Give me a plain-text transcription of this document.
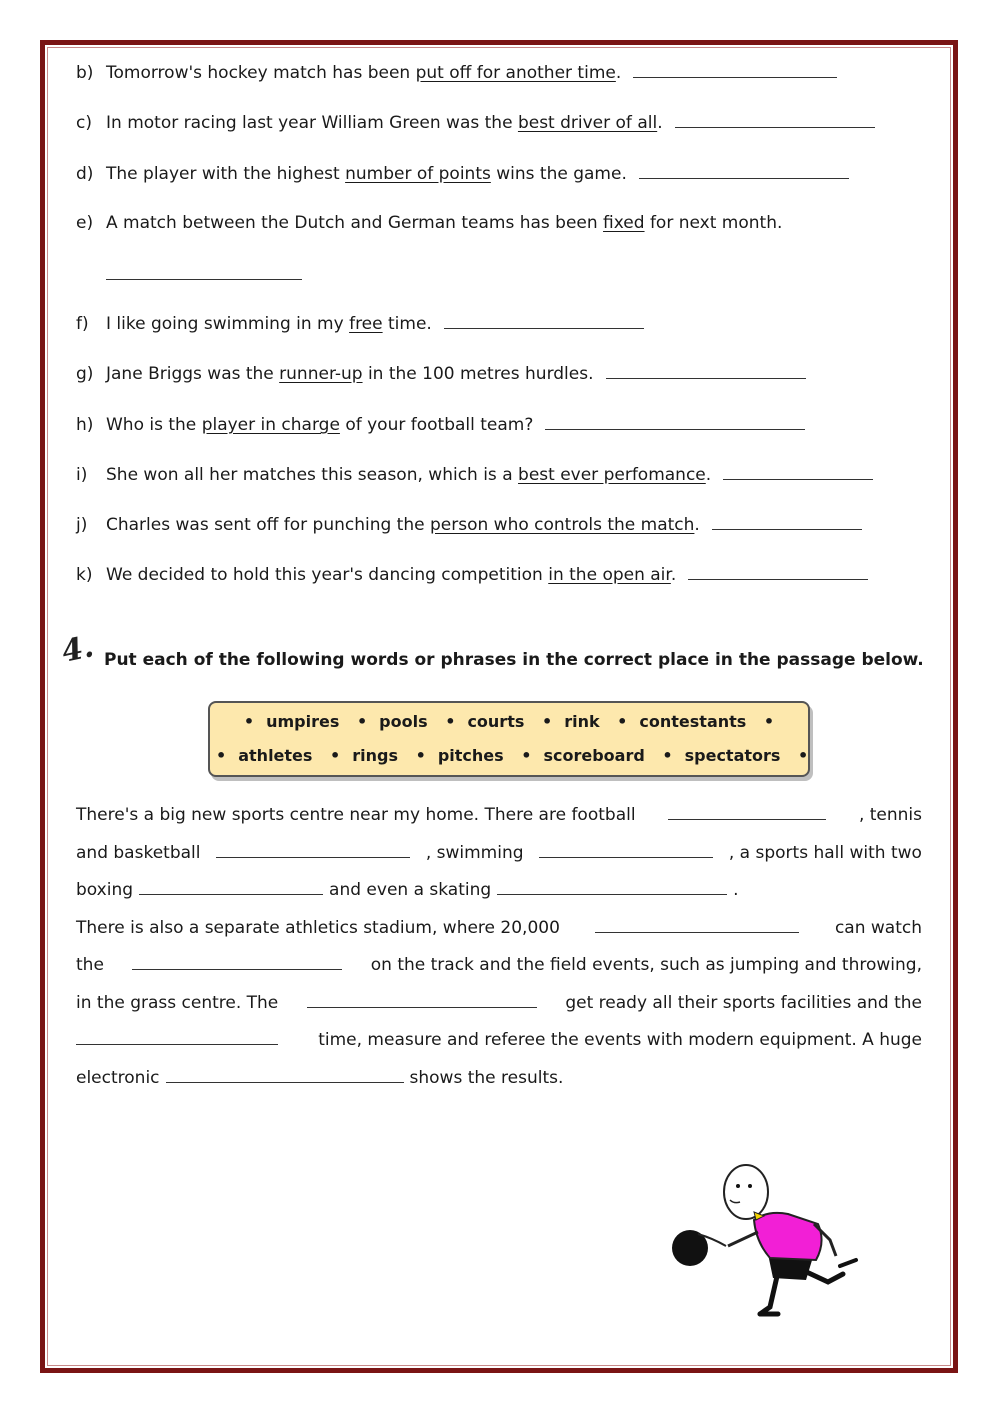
b) Tomorrow's hockey match has been put off for another time.
c) In motor racing last year William Green was the best driver of all.
d) The player with the highest number of points wins the game.
e) A match between the Dutch and German teams has been fixed for next month.
f) I like going swimming in my free time.
g) Jane Briggs was the runner-up in the 100 metres hurdles.
h) Who is the player in charge of your football team?
i) She won all her matches this season, which is a best ever perfomance.
j) Charles was sent off for punching the person who controls the match.
k) We decided to hold this year's dancing competition in the open air.
4. Put each of the following words or phrases in the correct place in the passage below.
• umpires • pools • courts • rink • contestants •
• athletes • rings • pitches • scoreboard • spectators •
There's a big new sports centre near my home. There are football	, tennis
and basketball	, swimming	, a sports hall with two
boxing	and even a skating	.
There is also a separate athletics stadium, where 20,000	can watch
the	on the track and the field events, such as jumping and throwing,
in the grass centre. The	get ready all their sports facilities and the
time, measure and referee the events with modern equipment. A huge
electronic	shows the results.
